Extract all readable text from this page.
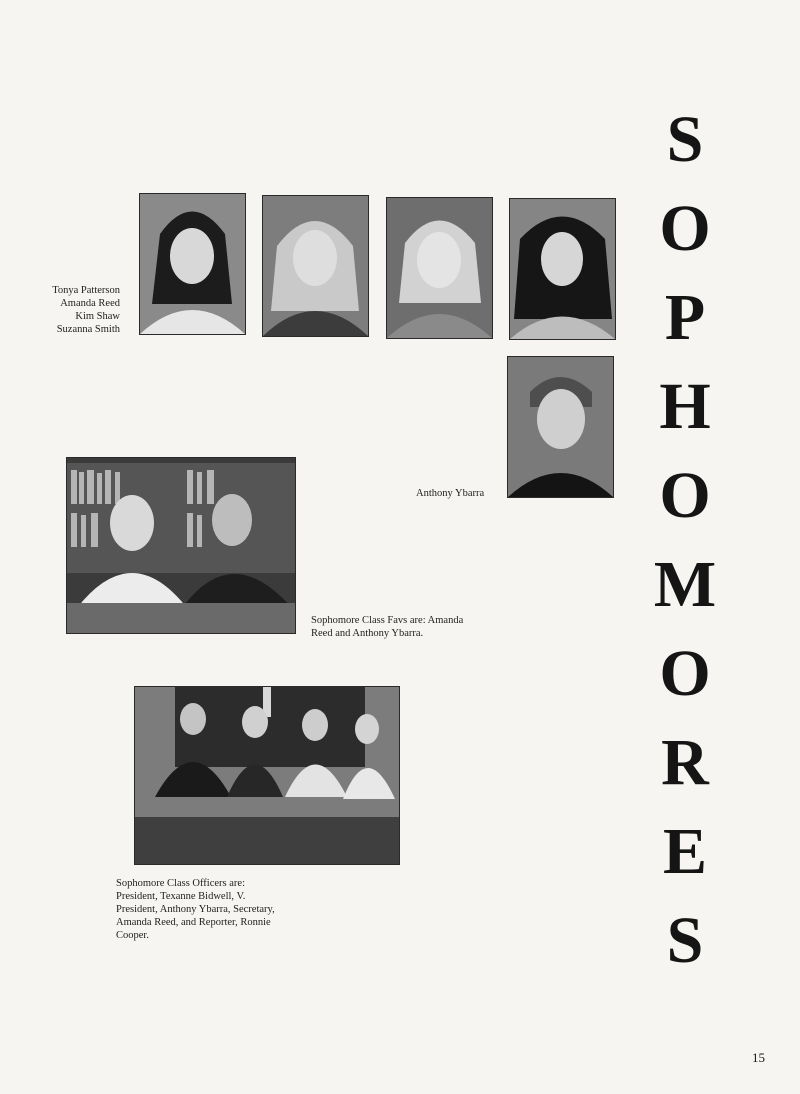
Tonya Patterson
Amanda Reed
Kim Shaw
Suzanna Smith
Anthony Ybarra
Sophomore Class Favs are: Amanda
Reed and Anthony Ybarra.
Sophomore Class Officers are:
President, Texanne Bidwell, V.
President, Anthony Ybarra, Secretary,
Amanda Reed, and Reporter, Ronnie
Cooper.
S
O
P
H
O
M
O
R
E
S
15
